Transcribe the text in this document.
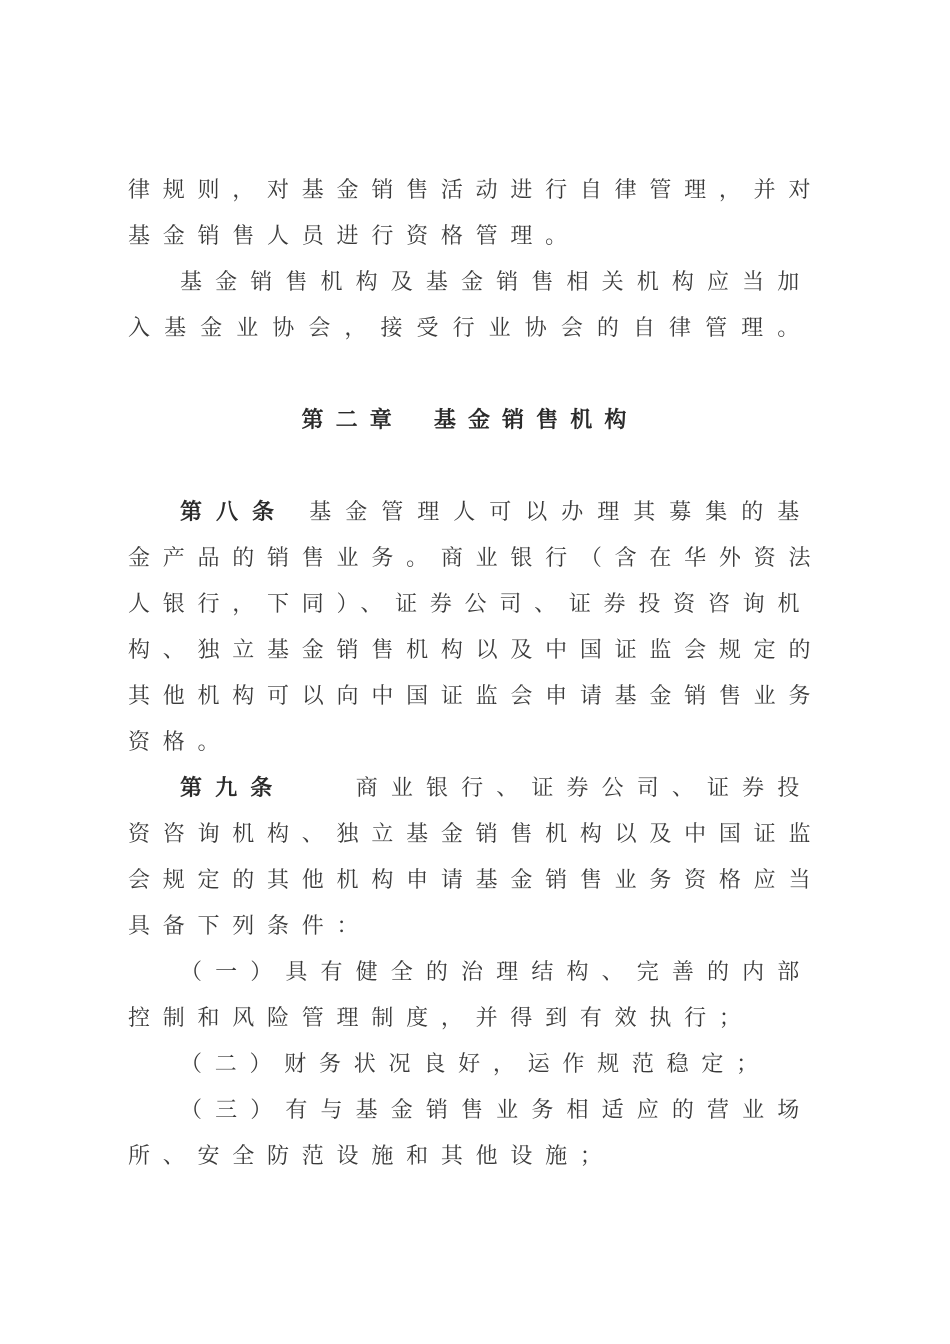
律规则，对基金销售活动进行自律管理，并对
基金销售人员进行资格管理。
基金销售机构及基金销售相关机构应当加
入基金业协会，接受行业协会的自律管理。
第二章 基金销售机构
第八条 基金管理人可以办理其募集的基
金产品的销售业务。商业银行（含在华外资法
人银行，下同）、证券公司、证券投资咨询机
构、独立基金销售机构以及中国证监会规定的
其他机构可以向中国证监会申请基金销售业务
资格。
第九条	商业银行、证券公司、证券投
资咨询机构、独立基金销售机构以及中国证监
会规定的其他机构申请基金销售业务资格应当
具备下列条件：
（一）具有健全的治理结构、完善的内部
控制和风险管理制度，并得到有效执行；
（二）财务状况良好，运作规范稳定；
（三）有与基金销售业务相适应的营业场
所、安全防范设施和其他设施；
